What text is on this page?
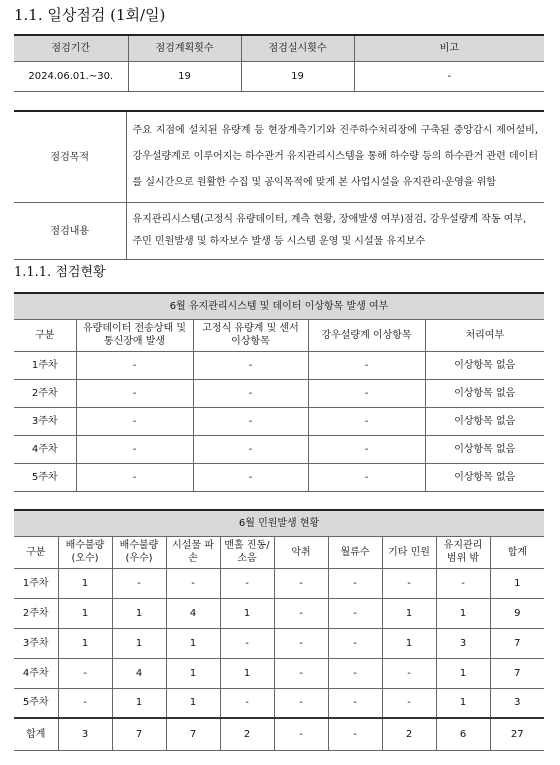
1.1. 일상점검 (1회/일)
점검기간	점검계획횟수	점검실시횟수	비고
2024.06.01.~30.	19	19	-
점검목적	주요 지점에 설치된 유량계 등 현장계측기기와 진주하수처리장에 구축된 중앙감시 제어설비, 강우설량계로 이루어지는 하수관거 유지관리시스템을 통해 하수량 등의 하수관거 관련 데이터를 실시간으로 원활한 수집 및 공익목적에 맞게 본 사업시설을 유지관리·운영을 위함
점검내용	유지관리시스템(고정식 유량데이터, 계측 현황, 장애발생 여부)점검, 강우설량계 작동 여부, 주민 민원발생 및 하자보수 발생 등 시스템 운영 및 시설물 유지보수
1.1.1. 점검현황
6월 유지관리시스템 및 데이터 이상항목 발생 여부				
구분	유량데이터 전송상태 및 통신장애 발생	고정식 유량계 및 센서 이상항목	강우설량계 이상항목	처리여부
1주차	-	-	-	이상항목 없음
2주차	-	-	-	이상항목 없음
3주차	-	-	-	이상항목 없음
4주차	-	-	-	이상항목 없음
5주차	-	-	-	이상항목 없음
6월 민원발생 현황									
구분	배수불량 (오수)	배수불량 (우수)	시설물 파손	맨홀 진동/소음	악취	월류수	기타 민원	유지관리 범위 밖	합계
1주차	1	-	-	-	-	-	-	-	1
2주차	1	1	4	1	-	-	1	1	9
3주차	1	1	1	-	-	-	1	3	7
4주차	-	4	1	1	-	-	-	1	7
5주차	-	1	1	-	-	-	-	1	3
합계	3	7	7	2	-	-	2	6	27
